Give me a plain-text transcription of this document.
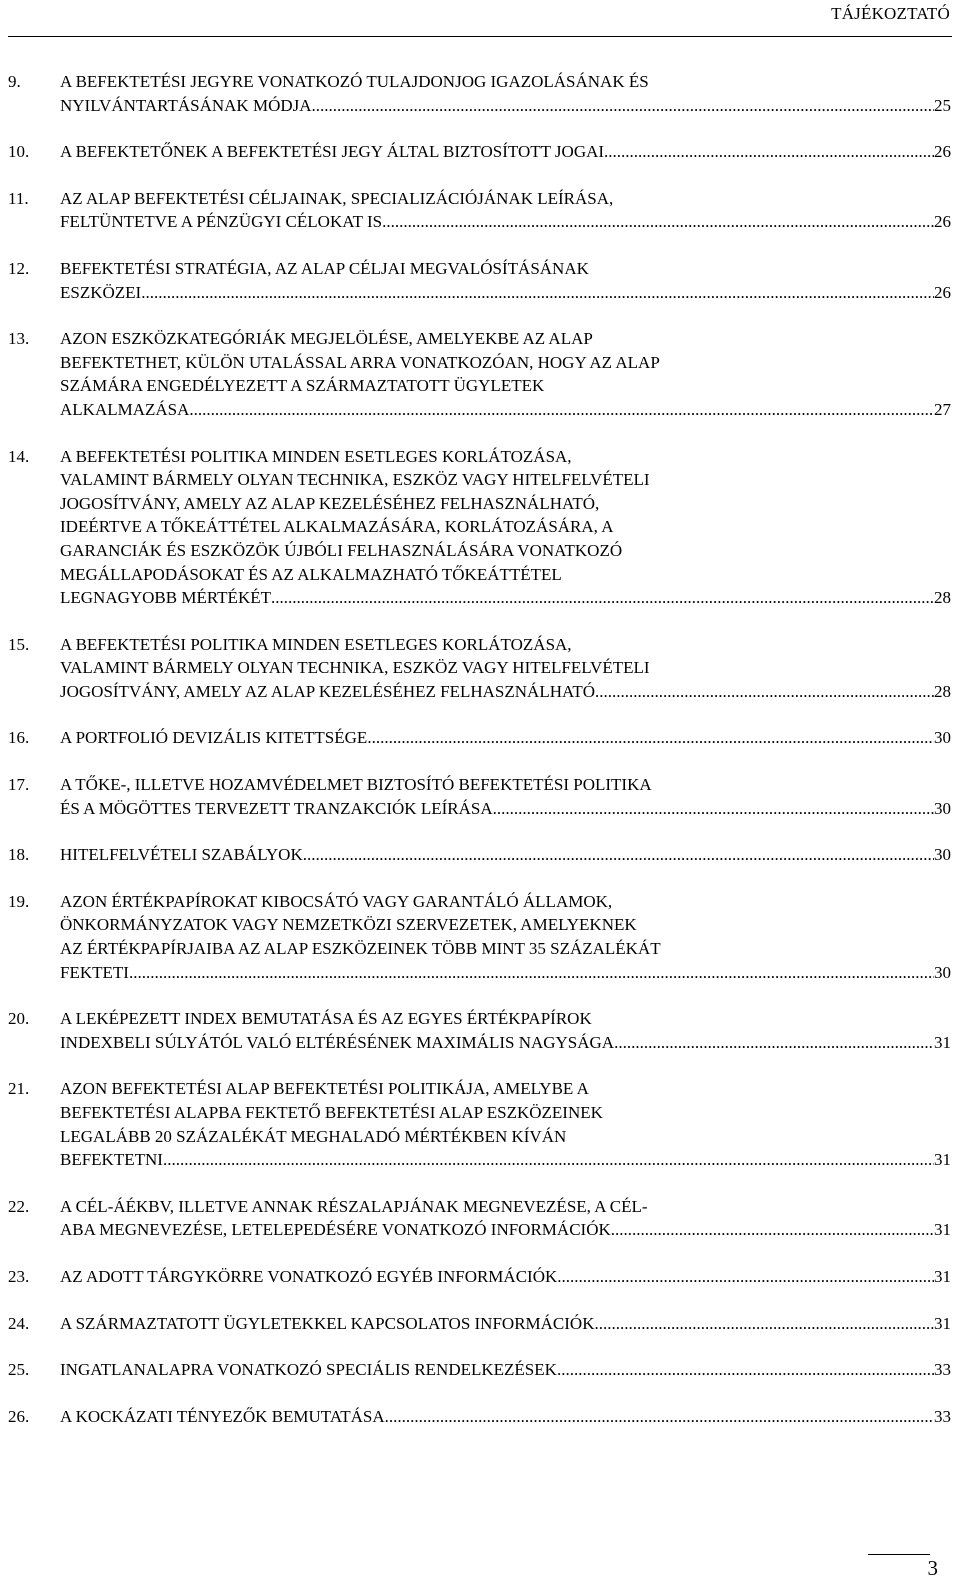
TÁJÉKOZTATÓ
9.	A BEFEKTETÉSI JEGYRE VONATKOZÓ TULAJDONJOG IGAZOLÁSÁNAK ÉS
NYILVÁNTARTÁSÁNAK MÓDJA .....	25
10.	A BEFEKTETŐNEK A BEFEKTETÉSI JEGY ÁLTAL BIZTOSÍTOTT JOGAI .....	26
11.	AZ ALAP BEFEKTETÉSI CÉLJAINAK, SPECIALIZÁCIÓJÁNAK LEÍRÁSA,
FELTÜNTETVE A PÉNZÜGYI CÉLOKAT IS .....	26
12.	BEFEKTETÉSI STRATÉGIA, AZ ALAP CÉLJAI MEGVALÓSÍTÁSÁNAK
ESZKÖZEI .....	26
13.	AZON ESZKÖZKATEGÓRIÁK MEGJELÖLÉSE, AMELYEKBE AZ ALAP
BEFEKTETHET, KÜLÖN UTALÁSSAL ARRA VONATKOZÓAN, HOGY AZ ALAP
SZÁMÁRA ENGEDÉLYEZETT A SZÁRMAZTATOTT ÜGYLETEK
ALKALMAZÁSA .....	27
14.	A BEFEKTETÉSI POLITIKA MINDEN ESETLEGES KORLÁTOZÁSA,
VALAMINT BÁRMELY OLYAN TECHNIKA, ESZKÖZ VAGY HITELFELVÉTELI
JOGOSÍTVÁNY, AMELY AZ ALAP KEZELÉSÉHEZ FELHASZNÁLHATÓ,
IDEÉRTVE A TŐKEÁTTÉTEL ALKALMAZÁSÁRA, KORLÁTOZÁSÁRA, A
GARANCIÁK ÉS ESZKÖZÖK ÚJBÓLI FELHASZNÁLÁSÁRA VONATKOZÓ
MEGÁLLAPODÁSOKAT ÉS AZ ALKALMAZHATÓ TŐKEÁTTÉTEL
LEGNAGYOBB MÉRTÉKÉT .....	28
15.	A BEFEKTETÉSI POLITIKA MINDEN ESETLEGES KORLÁTOZÁSA,
VALAMINT BÁRMELY OLYAN TECHNIKA, ESZKÖZ VAGY HITELFELVÉTELI
JOGOSÍTVÁNY, AMELY AZ ALAP KEZELÉSÉHEZ FELHASZNÁLHATÓ .....	28
16.	A PORTFOLIÓ DEVIZÁLIS KITETTSÉGE .....	30
17.	A TŐKE-, ILLETVE HOZAMVÉDELMET BIZTOSÍTÓ BEFEKTETÉSI POLITIKA
ÉS A MÖGÖTTES TERVEZETT TRANZAKCIÓK LEÍRÁSA .....	30
18.	HITELFELVÉTELI SZABÁLYOK .....	30
19.	AZON ÉRTÉKPAPÍROKAT KIBOCSÁTÓ VAGY GARANTÁLÓ ÁLLAMOK,
ÖNKORMÁNYZATOK VAGY NEMZETKÖZI SZERVEZETEK, AMELYEKNEK
AZ ÉRTÉKPAPÍRJAIBA AZ ALAP ESZKÖZEINEK TÖBB MINT 35 SZÁZALÉKÁT
FEKTETI .....	30
20.	A LEKÉPEZETT INDEX BEMUTATÁSA ÉS AZ EGYES ÉRTÉKPAPÍROK
INDEXBELI SÚLYÁTÓL VALÓ ELTÉRÉSÉNEK MAXIMÁLIS NAGYSÁGA .....	31
21.	AZON BEFEKTETÉSI ALAP BEFEKTETÉSI POLITIKÁJA, AMELYBE A
BEFEKTETÉSI ALAPBA FEKTETŐ BEFEKTETÉSI ALAP ESZKÖZEINEK
LEGALÁBB 20 SZÁZALÉKÁT MEGHALADÓ MÉRTÉKBEN KÍVÁN
BEFEKTETNI .....	31
22.	A CÉL-ÁÉKBV, ILLETVE ANNAK RÉSZALAPJÁNAK MEGNEVEZÉSE, A CÉL-
ABA MEGNEVEZÉSE, LETELEPEDÉSÉRE VONATKOZÓ INFORMÁCIÓK .....	31
23.	AZ ADOTT TÁRGYKÖRRE VONATKOZÓ EGYÉB INFORMÁCIÓK .....	31
24.	A SZÁRMAZTATOTT ÜGYLETEKKEL KAPCSOLATOS INFORMÁCIÓK .....	31
25.	INGATLANALAPRA VONATKOZÓ SPECIÁLIS RENDELKEZÉSEK .....	33
26.	A KOCKÁZATI TÉNYEZŐK BEMUTATÁSA .....	33
3
